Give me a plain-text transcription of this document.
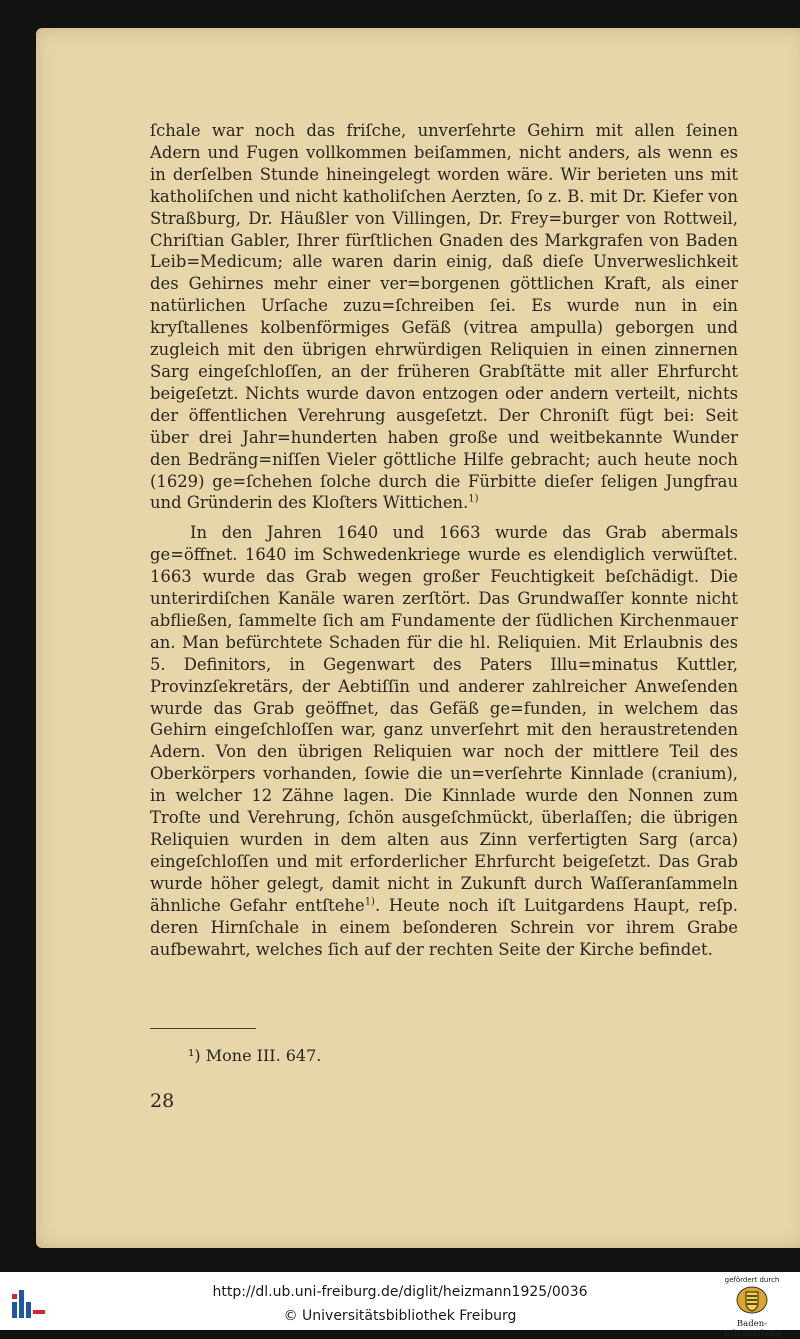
ſchale war noch das friſche, unverſehrte Gehirn mit allen ſeinen Adern und Fugen vollkommen beiſammen, nicht anders, als wenn es in derſelben Stunde hineingelegt worden wäre. Wir berieten uns mit katholiſchen und nicht katholiſchen Aerzten, ſo z. B. mit Dr. Kiefer von Straßburg, Dr. Häußler von Villingen, Dr. Frey=burger von Rottweil, Chriſtian Gabler, Ihrer fürſtlichen Gnaden des Markgrafen von Baden Leib=Medicum; alle waren darin einig, daß dieſe Unverweslichkeit des Gehirnes mehr einer ver=borgenen göttlichen Kraft, als einer natürlichen Urſache zuzu=ſchreiben ſei. Es wurde nun in ein kryſtallenes kolbenförmiges Gefäß (vitrea ampulla) geborgen und zugleich mit den übrigen ehrwürdigen Reliquien in einen zinnernen Sarg eingeſchloſſen, an der früheren Grabſtätte mit aller Ehrfurcht beigeſetzt. Nichts wurde davon entzogen oder andern verteilt, nichts der öffentlichen Verehrung ausgeſetzt. Der Chroniſt fügt bei: Seit über drei Jahr=hunderten haben große und weitbekannte Wunder den Bedräng=niſſen Vieler göttliche Hilfe gebracht; auch heute noch (1629) ge=ſchehen ſolche durch die Fürbitte dieſer ſeligen Jungfrau und Gründerin des Kloſters Wittichen.$^{1)}$

In den Jahren 1640 und 1663 wurde das Grab abermals ge=öffnet. 1640 im Schwedenkriege wurde es elendiglich verwüſtet. 1663 wurde das Grab wegen großer Feuchtigkeit beſchädigt. Die unterirdiſchen Kanäle waren zerſtört. Das Grundwaſſer konnte nicht abfließen, ſammelte ſich am Fundamente der ſüdlichen Kirchenmauer an. Man befürchtete Schaden für die hl. Reliquien. Mit Erlaubnis des 5. Definitors, in Gegenwart des Paters Illu=minatus Kuttler, Provinzſekretärs, der Aebtiſſin und anderer zahlreicher Anweſenden wurde das Grab geöffnet, das Gefäß ge=funden, in welchem das Gehirn eingeſchloſſen war, ganz unverſehrt mit den heraustretenden Adern. Von den übrigen Reliquien war noch der mittlere Teil des Oberkörpers vorhanden, ſowie die un=verſehrte Kinnlade (cranium), in welcher 12 Zähne lagen. Die Kinnlade wurde den Nonnen zum Troſte und Verehrung, ſchön ausgeſchmückt, überlaſſen; die übrigen Reliquien wurden in dem alten aus Zinn verfertigten Sarg (arca) eingeſchloſſen und mit erforderlicher Ehrfurcht beigeſetzt. Das Grab wurde höher gelegt, damit nicht in Zukunft durch Waſſeranſammeln ähnliche Gefahr entſtehe$^{1)}$. Heute noch iſt Luitgardens Haupt, reſp. deren Hirnſchale in einem beſonderen Schrein vor ihrem Grabe aufbewahrt, welches ſich auf der rechten Seite der Kirche befindet.

¹) Mone III. 647.
28
http://dl.ub.uni-freiburg.de/diglit/heizmann1925/0036
© Universitätsbibliothek Freiburg
gefördert durch
Baden-Württemberg
